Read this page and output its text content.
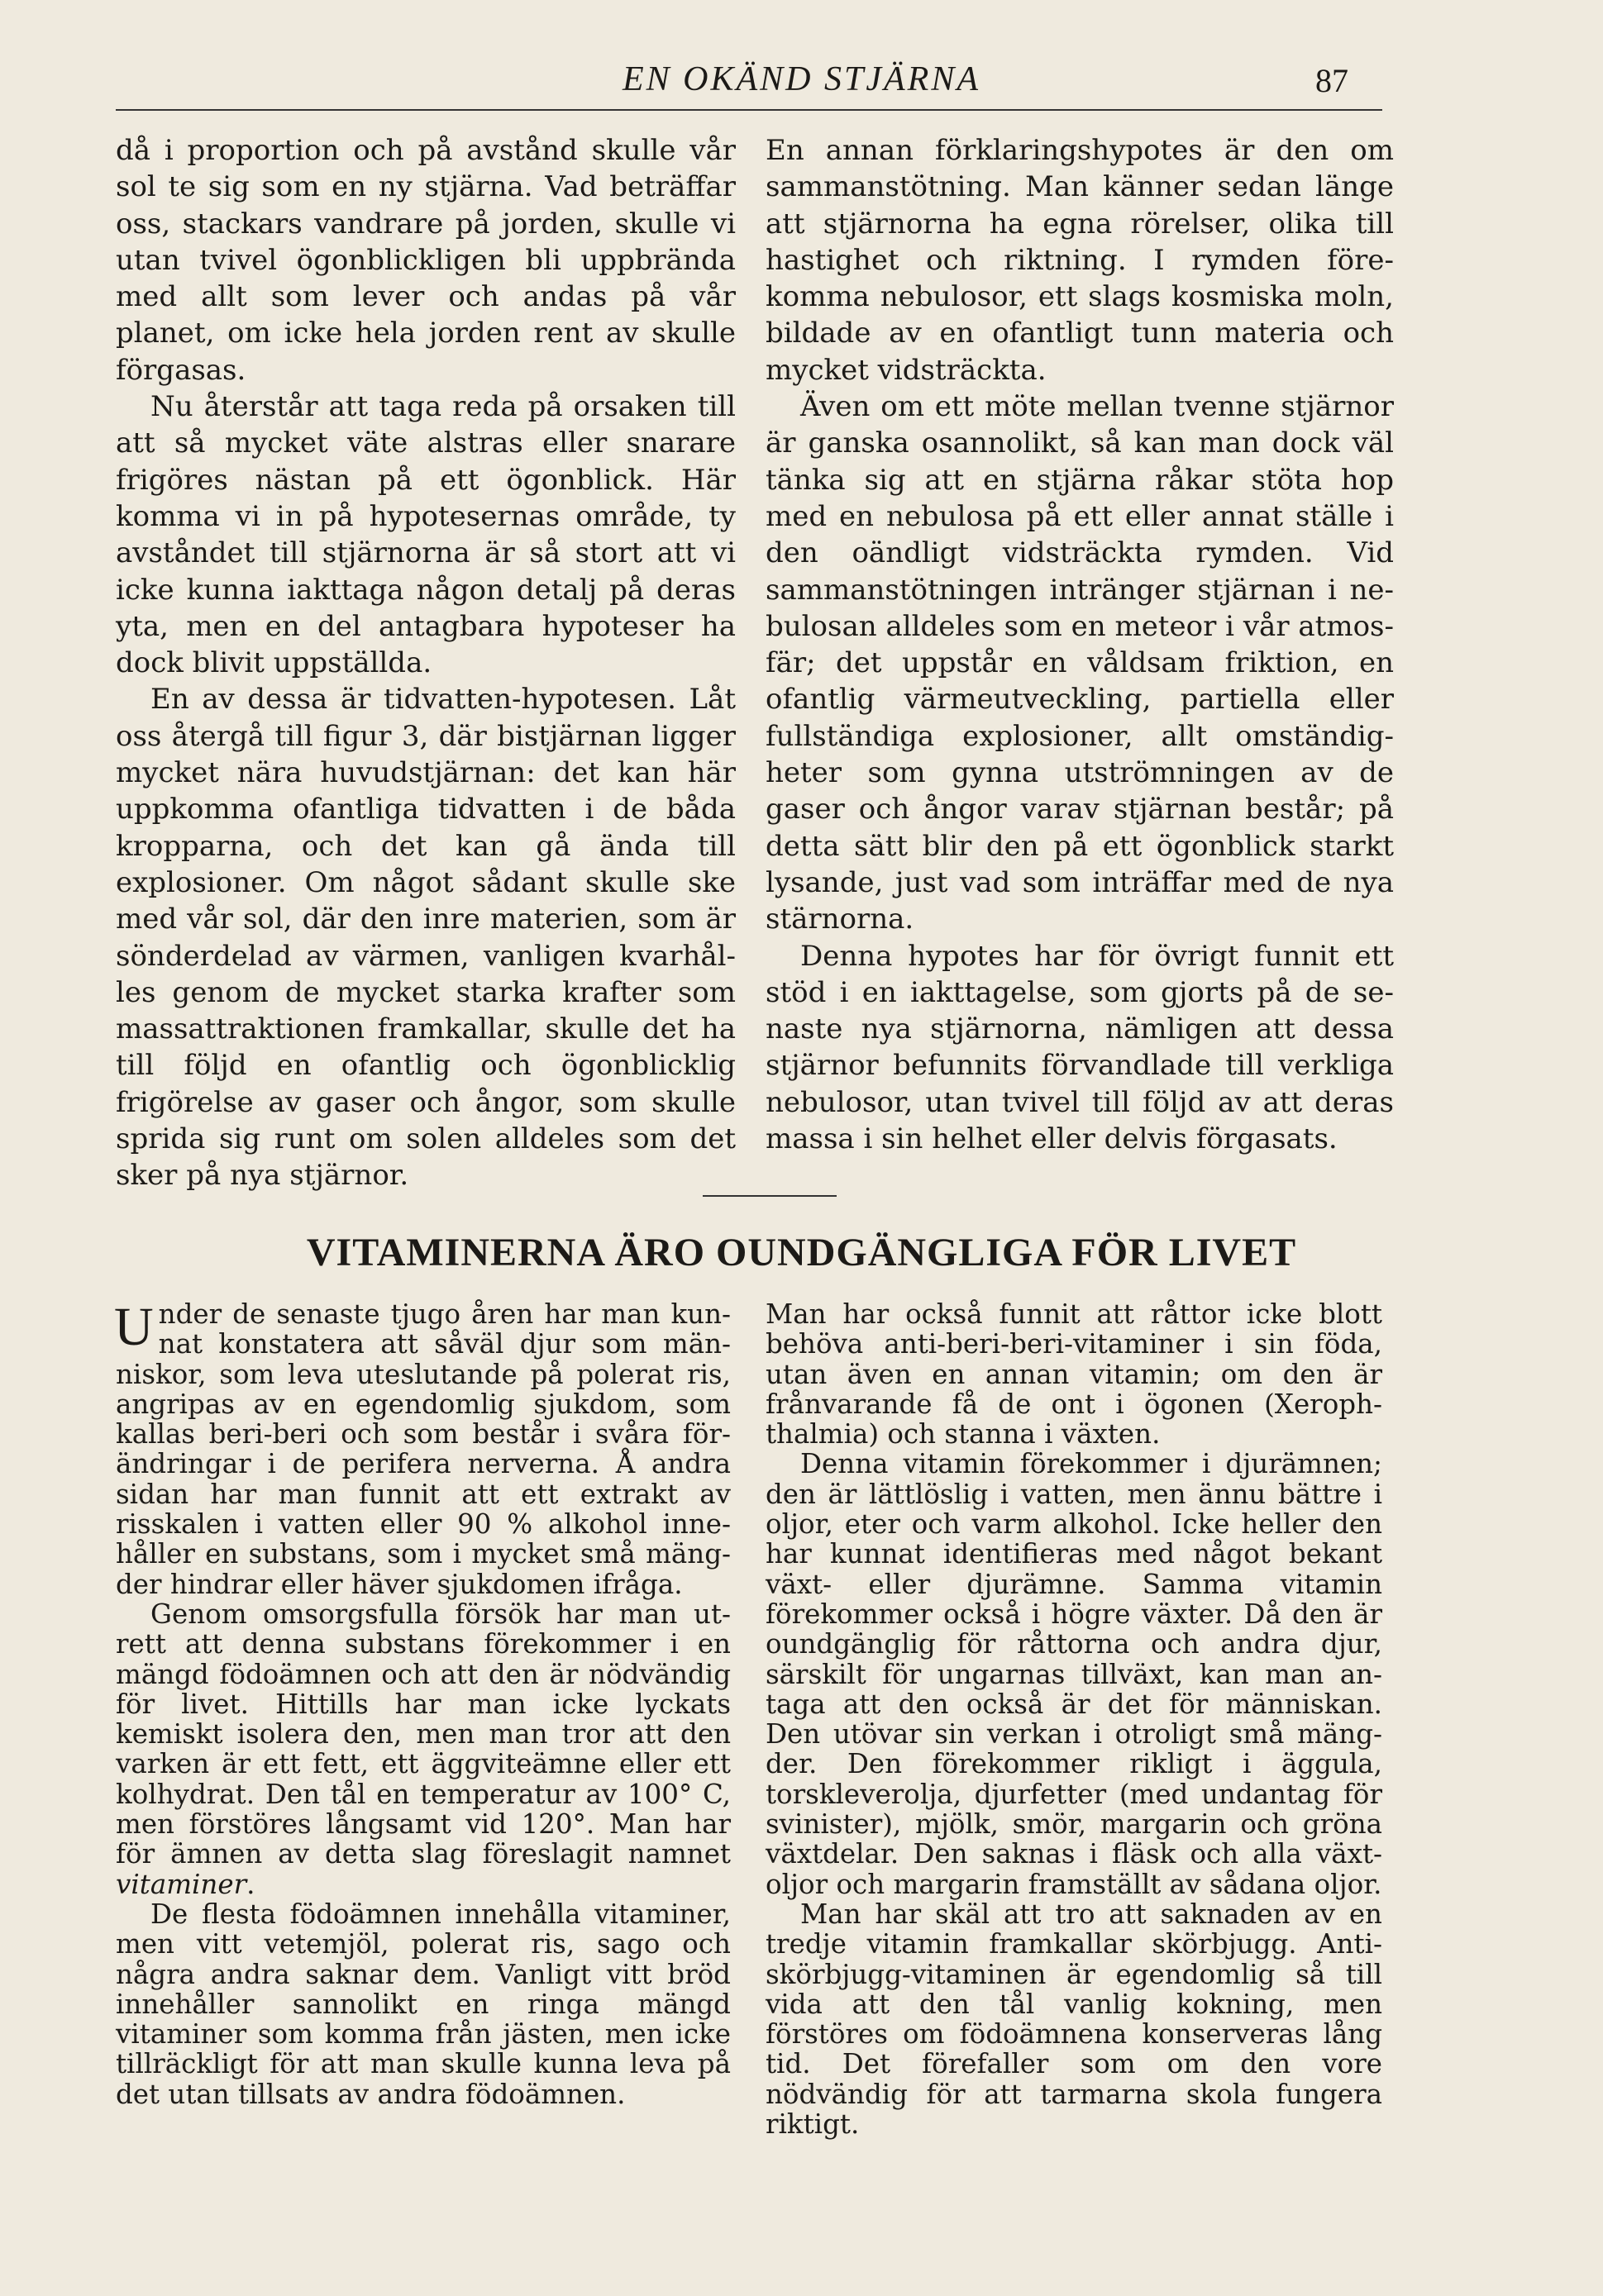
EN OKÄND STJÄRNA	87

då i proportion och på avstånd skulle vår sol te sig som en ny stjärna. Vad beträffar oss, stackars vandrare på jorden, skulle vi utan tvivel ögonblickligen bli uppbrända med allt som lever och andas på vår planet, om icke hela jorden rent av skulle förgasas.

Nu återstår att taga reda på orsaken till att så mycket väte alstras eller snarare frigöres nästan på ett ögonblick. Här komma vi in på hypotesernas område, ty avståndet till stjärnorna är så stort att vi icke kunna iakttaga någon detalj på deras yta, men en del antagbara hypoteser ha dock blivit uppställda.

En av dessa är tidvatten-hypotesen. Låt oss återgå till figur 3, där bistjärnan ligger mycket nära huvudstjärnan: det kan här uppkomma ofantliga tidvatten i de båda kropparna, och det kan gå ända till explosioner. Om något sådant skulle ske med vår sol, där den inre materien, som är sönderdelad av värmen, vanligen kvarhålles genom de mycket starka krafter som massattraktionen framkallar, skulle det ha till följd en ofantlig och ögonblicklig frigörelse av gaser och ångor, som skulle sprida sig runt om solen alldeles som det sker på nya stjärnor.

En annan förklaringshypotes är den om sammanstötning. Man känner sedan länge att stjärnorna ha egna rörelser, olika till hastighet och riktning. I rymden förekomma nebulosor, ett slags kosmiska moln, bildade av en ofantligt tunn materia och mycket vidsträckta.

Även om ett möte mellan tvenne stjärnor är ganska osannolikt, så kan man dock väl tänka sig att en stjärna råkar stöta hop med en nebulosa på ett eller annat ställe i den oändligt vidsträckta rymden. Vid sammanstötningen intränger stjärnan i nebulosan alldeles som en meteor i vår atmosfär; det uppstår en våldsam friktion, en ofantlig värmeutveckling, partiella eller fullständiga explosioner, allt omständigheter som gynna utströmningen av de gaser och ångor varav stjärnan består; på detta sätt blir den på ett ögonblick starkt lysande, just vad som inträffar med de nya stärnorna.

Denna hypotes har för övrigt funnit ett stöd i en iakttagelse, som gjorts på de senaste nya stjärnorna, nämligen att dessa stjärnor befunnits förvandlade till verkliga nebulosor, utan tvivel till följd av att deras massa i sin helhet eller delvis förgasats.

VITAMINERNA ÄRO OUNDGÄNGLIGA FÖR LIVET

Under de senaste tjugo åren har man kunnat konstatera att såväl djur som människor, som leva uteslutande på polerat ris, angripas av en egendomlig sjukdom, som kallas beri-beri och som består i svåra förändringar i de perifera nerverna. Å andra sidan har man funnit att ett extrakt av risskalen i vatten eller 90 % alkohol innehåller en substans, som i mycket små mängder hindrar eller häver sjukdomen ifråga.

Genom omsorgsfulla försök har man utrett att denna substans förekommer i en mängd födoämnen och att den är nödvändig för livet. Hittills har man icke lyckats kemiskt isolera den, men man tror att den varken är ett fett, ett äggviteämne eller ett kolhydrat. Den tål en temperatur av 100° C, men förstöres långsamt vid 120°. Man har för ämnen av detta slag föreslagit namnet vitaminer.

De flesta födoämnen innehålla vitaminer, men vitt vetemjöl, polerat ris, sago och några andra saknar dem. Vanligt vitt bröd innehåller sannolikt en ringa mängd vitaminer som komma från jästen, men icke tillräckligt för att man skulle kunna leva på det utan tillsats av andra födoämnen.

Man har också funnit att råttor icke blott behöva anti-beri-beri-vitaminer i sin föda, utan även en annan vitamin; om den är frånvarande få de ont i ögonen (Xerophthalmia) och stanna i växten.

Denna vitamin förekommer i djurämnen; den är lättlöslig i vatten, men ännu bättre i oljor, eter och varm alkohol. Icke heller den har kunnat identifieras med något bekant växt- eller djurämne. Samma vitamin förekommer också i högre växter. Då den är oundgänglig för råttorna och andra djur, särskilt för ungarnas tillväxt, kan man antaga att den också är det för människan. Den utövar sin verkan i otroligt små mängder. Den förekommer rikligt i äggula, torskleverolja, djurfetter (med undantag för svinister), mjölk, smör, margarin och gröna växtdelar. Den saknas i fläsk och alla växtoljor och margarin framställt av sådana oljor.

Man har skäl att tro att saknaden av en tredje vitamin framkallar skörbjugg. Antiskörbjugg-vitaminen är egendomlig så till vida att den tål vanlig kokning, men förstöres om födoämnena konserveras lång tid. Det förefaller som om den vore nödvändig för att tarmarna skola fungera riktigt.
